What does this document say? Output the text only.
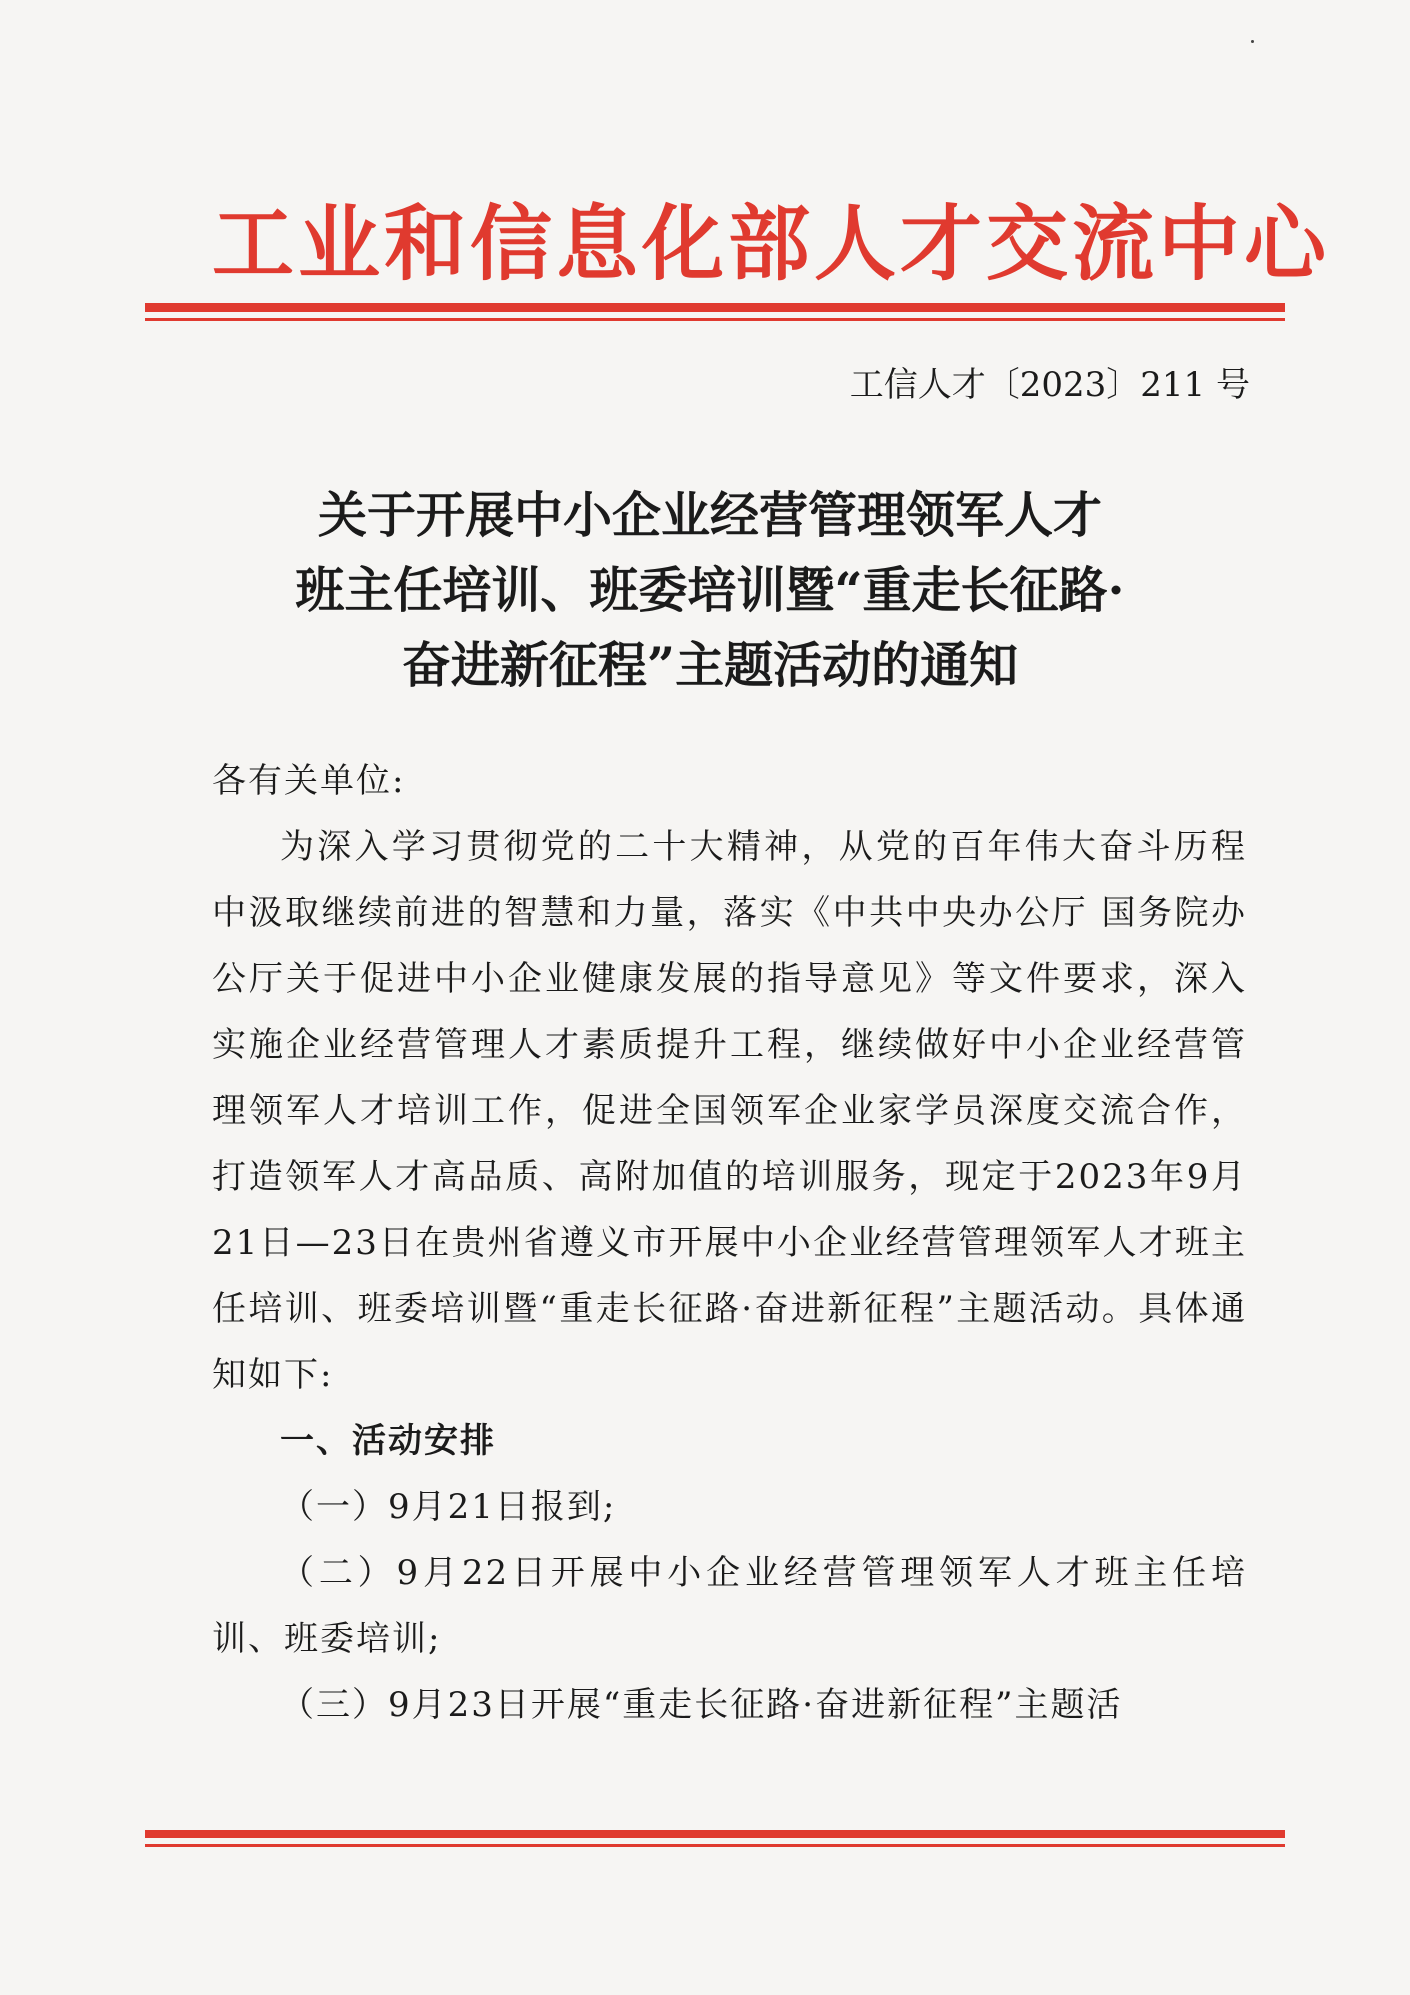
工业和信息化部人才交流中心
工信人才〔2023〕211 号
关于开展中小企业经营管理领军人才
班主任培训、班委培训暨“重走长征路·
奋进新征程”主题活动的通知

各有关单位:

为深入学习贯彻党的二十大精神，从党的百年伟大奋斗历程中汲取继续前进的智慧和力量，落实《中共中央办公厅 国务院办公厅关于促进中小企业健康发展的指导意见》等文件要求，深入实施企业经营管理人才素质提升工程，继续做好中小企业经营管理领军人才培训工作，促进全国领军企业家学员深度交流合作，打造领军人才高品质、高附加值的培训服务，现定于2023年9月21日—23日在贵州省遵义市开展中小企业经营管理领军人才班主任培训、班委培训暨“重走长征路·奋进新征程”主题活动。具体通知如下:

一、活动安排

（一）9月21日报到;

（二）9月22日开展中小企业经营管理领军人才班主任培训、班委培训;

（三）9月23日开展“重走长征路·奋进新征程”主题活
